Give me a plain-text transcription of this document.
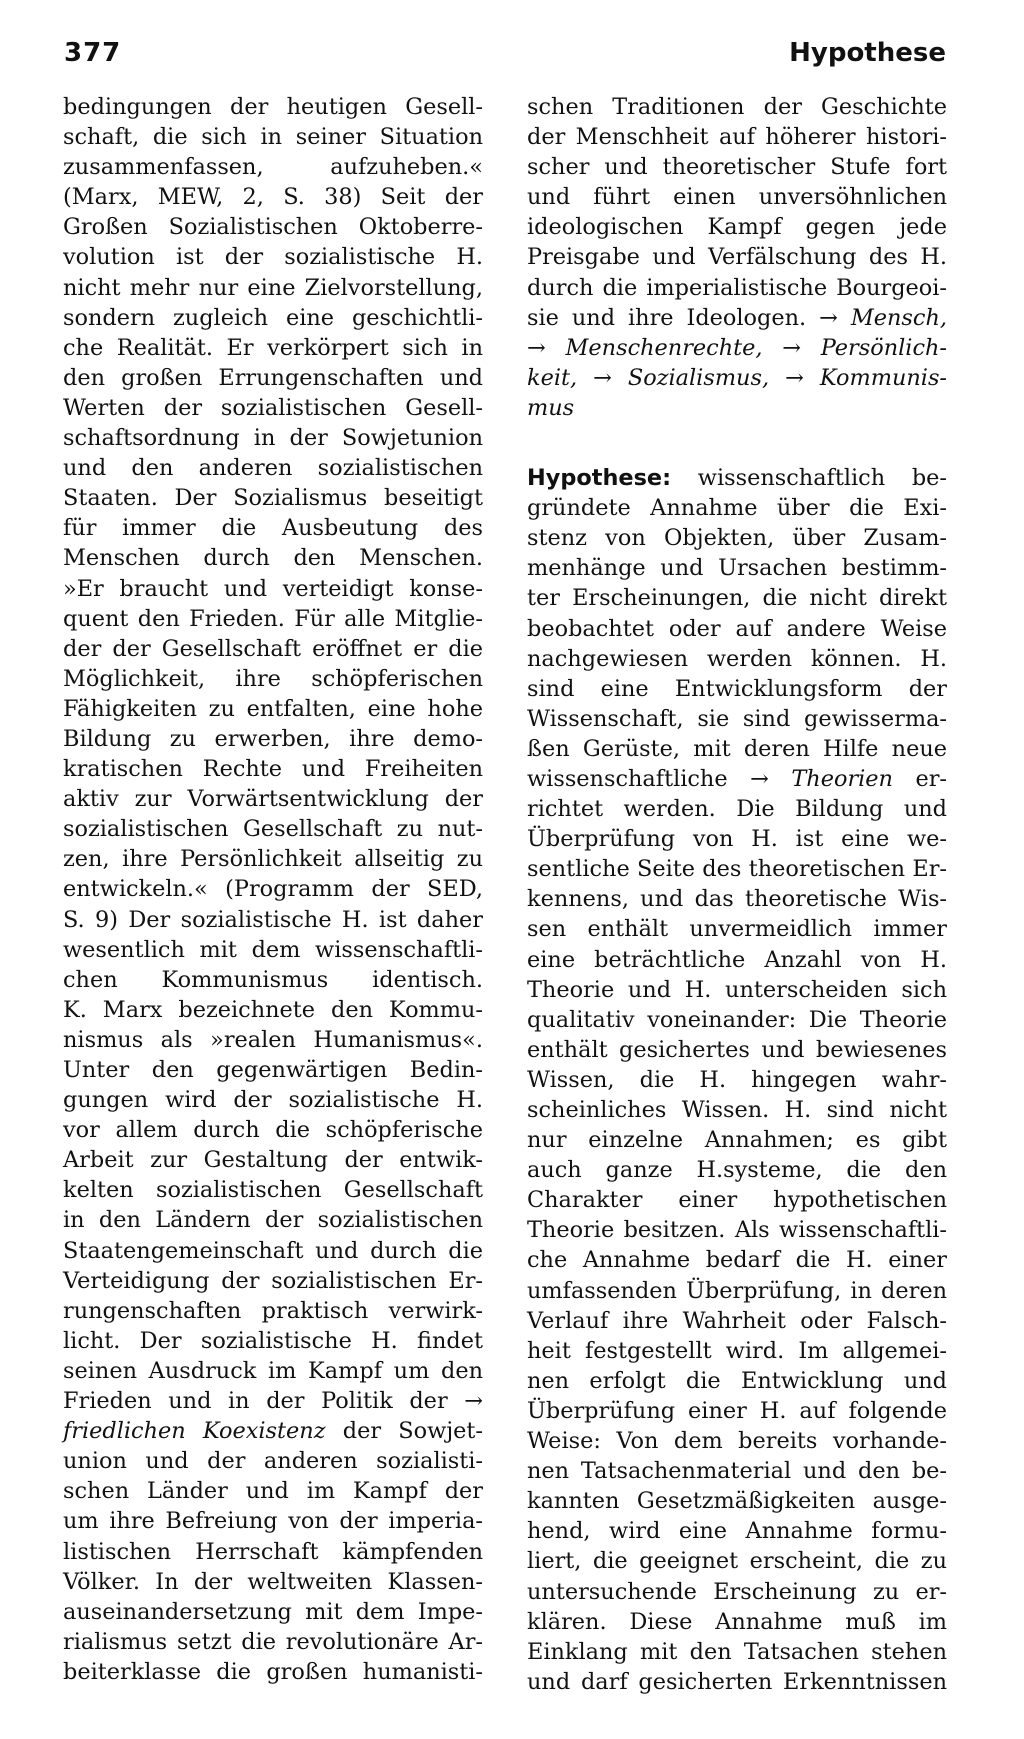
377	Hypothese

bedingungen der heutigen Gesell-
schaft, die sich in seiner Situation
zusammenfassen, aufzuheben.«
(Marx, MEW, 2, S. 38) Seit der
Großen Sozialistischen Oktoberre-
volution ist der sozialistische H.
nicht mehr nur eine Zielvorstellung,
sondern zugleich eine geschichtli-
che Realität. Er verkörpert sich in
den großen Errungenschaften und
Werten der sozialistischen Gesell-
schaftsordnung in der Sowjetunion
und den anderen sozialistischen
Staaten. Der Sozialismus beseitigt
für immer die Ausbeutung des
Menschen durch den Menschen.
»Er braucht und verteidigt konse-
quent den Frieden. Für alle Mitglie-
der der Gesellschaft eröffnet er die
Möglichkeit, ihre schöpferischen
Fähigkeiten zu entfalten, eine hohe
Bildung zu erwerben, ihre demo-
kratischen Rechte und Freiheiten
aktiv zur Vorwärtsentwicklung der
sozialistischen Gesellschaft zu nut-
zen, ihre Persönlichkeit allseitig zu
entwickeln.« (Programm der SED,
S. 9) Der sozialistische H. ist daher
wesentlich mit dem wissenschaftli-
chen Kommunismus identisch.
K. Marx bezeichnete den Kommu-
nismus als »realen Humanismus«.
Unter den gegenwärtigen Bedin-
gungen wird der sozialistische H.
vor allem durch die schöpferische
Arbeit zur Gestaltung der entwik-
kelten sozialistischen Gesellschaft
in den Ländern der sozialistischen
Staatengemeinschaft und durch die
Verteidigung der sozialistischen Er-
rungenschaften praktisch verwirk-
licht. Der sozialistische H. findet
seinen Ausdruck im Kampf um den
Frieden und in der Politik der →
friedlichen Koexistenz der Sowjet-
union und der anderen sozialisti-
schen Länder und im Kampf der
um ihre Befreiung von der imperia-
listischen Herrschaft kämpfenden
Völker. In der weltweiten Klassen-
auseinandersetzung mit dem Impe-
rialismus setzt die revolutionäre Ar-
beiterklasse die großen humanisti-

schen Traditionen der Geschichte
der Menschheit auf höherer histori-
scher und theoretischer Stufe fort
und führt einen unversöhnlichen
ideologischen Kampf gegen jede
Preisgabe und Verfälschung des H.
durch die imperialistische Bourgeoi-
sie und ihre Ideologen. → Mensch,
→ Menschenrechte, → Persönlich-
keit, → Sozialismus, → Kommunis-
mus

Hypothese: wissenschaftlich be-
gründete Annahme über die Exi-
stenz von Objekten, über Zusam-
menhänge und Ursachen bestimm-
ter Erscheinungen, die nicht direkt
beobachtet oder auf andere Weise
nachgewiesen werden können. H.
sind eine Entwicklungsform der
Wissenschaft, sie sind gewisserma-
ßen Gerüste, mit deren Hilfe neue
wissenschaftliche → Theorien er-
richtet werden. Die Bildung und
Überprüfung von H. ist eine we-
sentliche Seite des theoretischen Er-
kennens, und das theoretische Wis-
sen enthält unvermeidlich immer
eine beträchtliche Anzahl von H.
Theorie und H. unterscheiden sich
qualitativ voneinander: Die Theorie
enthält gesichertes und bewiesenes
Wissen, die H. hingegen wahr-
scheinliches Wissen. H. sind nicht
nur einzelne Annahmen; es gibt
auch ganze H.systeme, die den
Charakter einer hypothetischen
Theorie besitzen. Als wissenschaftli-
che Annahme bedarf die H. einer
umfassenden Überprüfung, in deren
Verlauf ihre Wahrheit oder Falsch-
heit festgestellt wird. Im allgemei-
nen erfolgt die Entwicklung und
Überprüfung einer H. auf folgende
Weise: Von dem bereits vorhande-
nen Tatsachenmaterial und den be-
kannten Gesetzmäßigkeiten ausge-
hend, wird eine Annahme formu-
liert, die geeignet erscheint, die zu
untersuchende Erscheinung zu er-
klären. Diese Annahme muß im
Einklang mit den Tatsachen stehen
und darf gesicherten Erkenntnissen
